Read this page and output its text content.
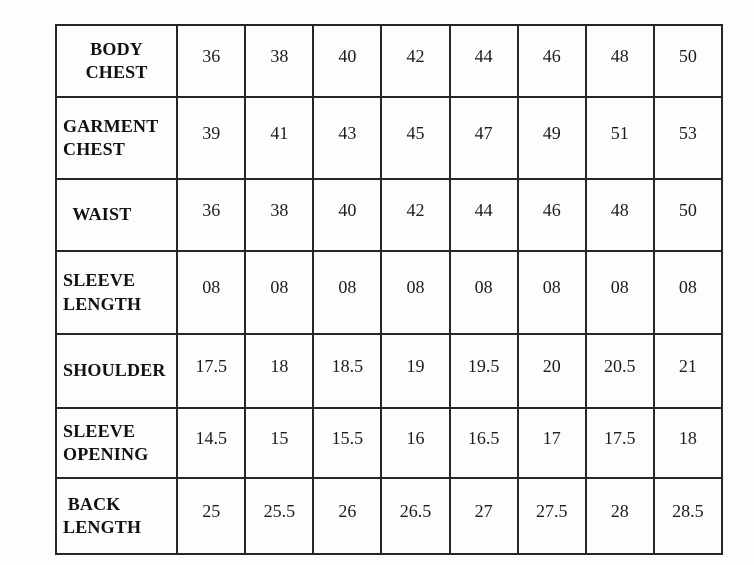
BODY
CHEST	36	38	40	42	44	46	48	50

GARMENT
CHEST	39	41	43	45	47	49	51	53

WAIST	36	38	40	42	44	46	48	50

SLEEVE
LENGTH	08	08	08	08	08	08	08	08

SHOULDER	17.5	18	18.5	19	19.5	20	20.5	21

SLEEVE
OPENING	14.5	15	15.5	16	16.5	17	17.5	18

BACK
LENGTH	25	25.5	26	26.5	27	27.5	28	28.5
